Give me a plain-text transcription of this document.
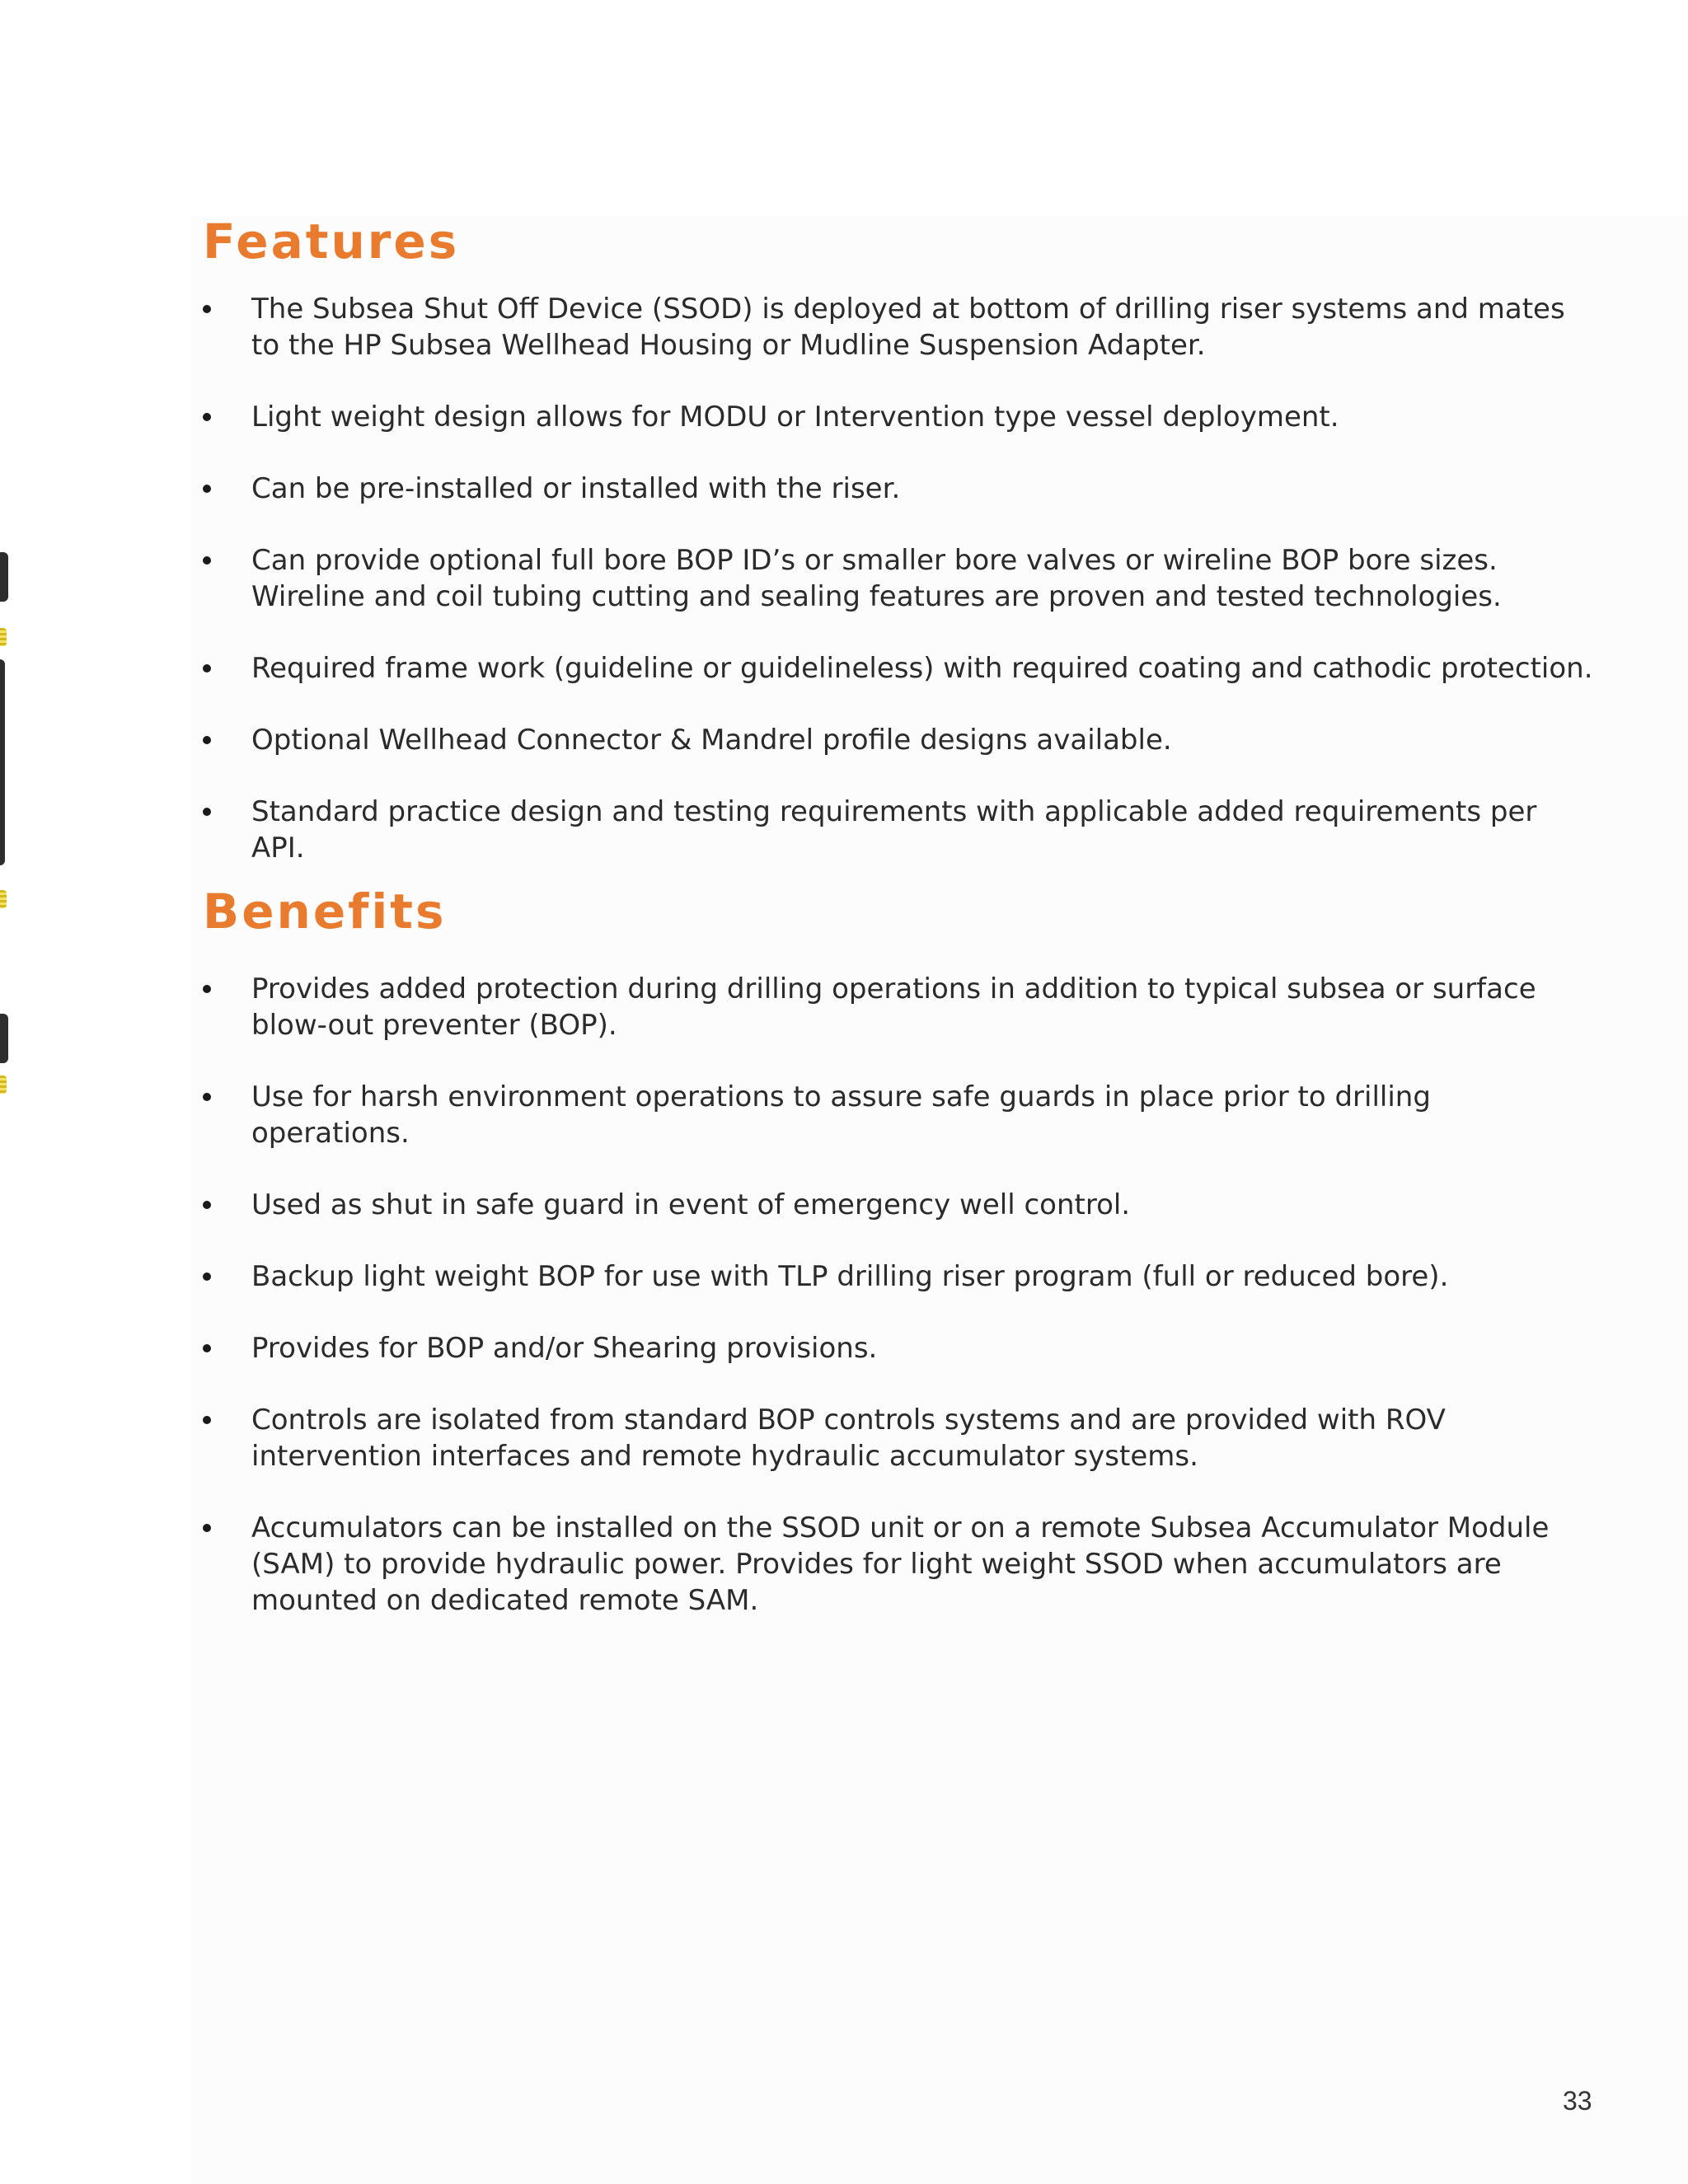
Features
The Subsea Shut Off Device (SSOD) is deployed at bottom of drilling riser systems and mates to the HP Subsea Wellhead Housing or Mudline Suspension Adapter.
Light weight design allows for MODU or Intervention type vessel deployment.
Can be pre-installed or installed with the riser.
Can provide optional full bore BOP ID’s or smaller bore valves or wireline BOP bore sizes. Wireline and coil tubing cutting and sealing features are proven and tested technologies.
Required frame work (guideline or guidelineless) with required coating and cathodic protection.
Optional Wellhead Connector & Mandrel profile designs available.
Standard practice design and testing requirements with applicable added requirements per API.
Benefits
Provides added protection during drilling operations in addition to typical subsea or surface blow-out preventer (BOP).
Use for harsh environment operations to assure safe guards in place prior to drilling operations.
Used as shut in safe guard in event of emergency well control.
Backup light weight BOP for use with TLP drilling riser program (full or reduced bore).
Provides for BOP and/or Shearing provisions.
Controls are isolated from standard BOP controls systems and are provided with ROV intervention interfaces and remote hydraulic accumulator systems.
Accumulators can be installed on the SSOD unit or on a remote Subsea Accumulator Module (SAM) to provide hydraulic power. Provides for light weight SSOD when accumulators are mounted on dedicated remote SAM.
33
